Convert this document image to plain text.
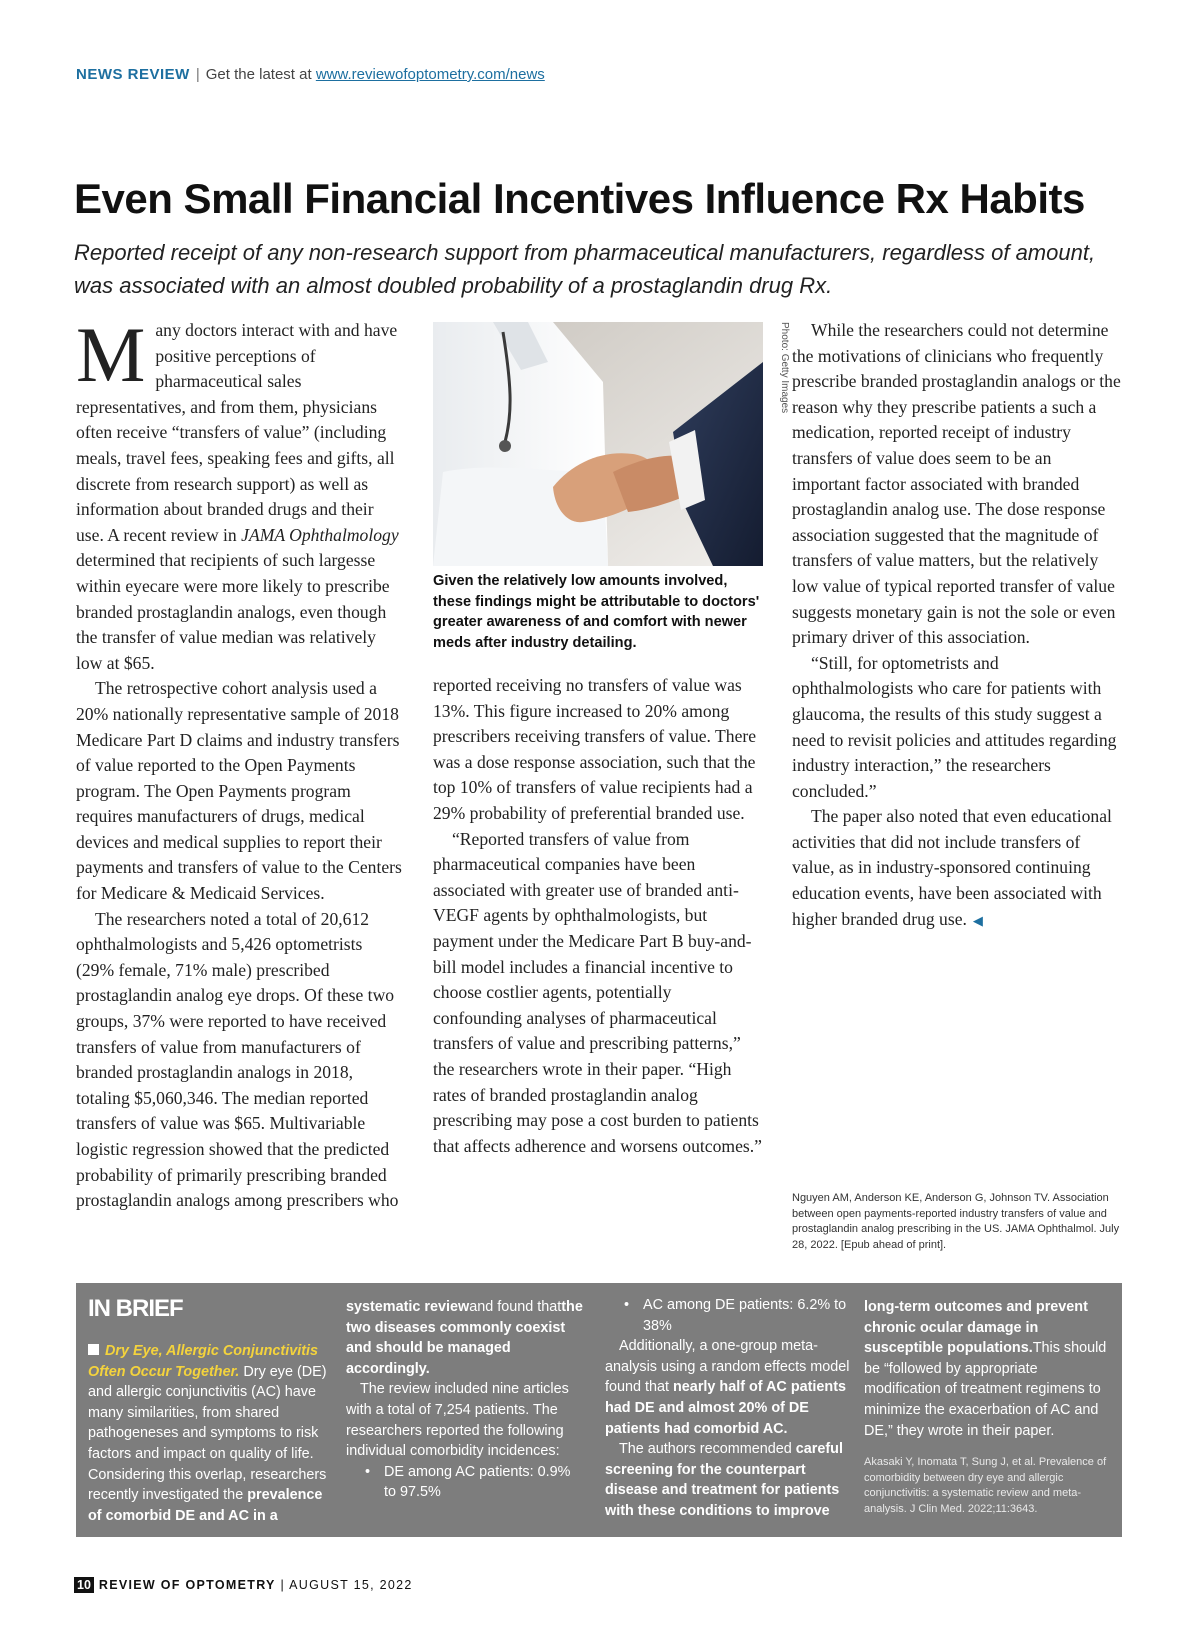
NEWS REVIEW | Get the latest at www.reviewofoptometry.com/news
Even Small Financial Incentives Influence Rx Habits

Reported receipt of any non-research support from pharmaceutical manufacturers, regardless of amount, was associated with an almost doubled probability of a prostaglandin drug Rx.

Photo: Getty Images

Given the relatively low amounts involved, these findings might be attributable to doctors' greater awareness of and comfort with newer meds after industry detailing.

Many doctors interact with and have positive perceptions of pharmaceutical sales representatives, and from them, physicians often receive “transfers of value” (including meals, travel fees, speaking fees and gifts, all discrete from research support) as well as information about branded drugs and their use. A recent review in JAMA Ophthalmology determined that recipients of such largesse within eyecare were more likely to prescribe branded prostaglandin analogs, even though the transfer of value median was relatively low at $65.

The retrospective cohort analysis used a 20% nationally representative sample of 2018 Medicare Part D claims and industry transfers of value reported to the Open Payments program. The Open Payments program requires manufacturers of drugs, medical devices and medical supplies to report their payments and transfers of value to the Centers for Medicare & Medicaid Services.

The researchers noted a total of 20,612 ophthalmologists and 5,426 optometrists (29% female, 71% male) prescribed prostaglandin analog eye drops. Of these two groups, 37% were reported to have received transfers of value from manufacturers of branded prostaglandin analogs in 2018, totaling $5,060,346. The median reported transfers of value was $65. Multivariable logistic regression showed that the predicted probability of primarily prescribing branded prostaglandin analogs among prescribers who

reported receiving no transfers of value was 13%. This figure increased to 20% among prescribers receiving transfers of value. There was a dose response association, such that the top 10% of transfers of value recipients had a 29% probability of preferential branded use.

“Reported transfers of value from pharmaceutical companies have been associated with greater use of branded anti-VEGF agents by ophthalmologists, but payment under the Medicare Part B buy-and-bill model includes a financial incentive to choose costlier agents, potentially confounding analyses of pharmaceutical transfers of value and prescribing patterns,” the researchers wrote in their paper. “High rates of branded prostaglandin analog prescribing may pose a cost burden to patients that affects adherence and worsens outcomes.”

While the researchers could not determine the motivations of clinicians who frequently prescribe branded prostaglandin analogs or the reason why they prescribe patients a such a medication, reported receipt of industry transfers of value does seem to be an important factor associated with branded prostaglandin analog use. The dose response association suggested that the magnitude of transfers of value matters, but the relatively low value of typical reported transfer of value suggests monetary gain is not the sole or even primary driver of this association.

“Still, for optometrists and ophthalmologists who care for patients with glaucoma, the results of this study suggest a need to revisit policies and attitudes regarding industry interaction,” the researchers concluded.”

The paper also noted that even educational activities that did not include transfers of value, as in industry-sponsored continuing education events, have been associated with higher branded drug use. ◀

Nguyen AM, Anderson KE, Anderson G, Johnson TV. Association between open payments-reported industry transfers of value and prostaglandin analog prescribing in the US. JAMA Ophthalmol. July 28, 2022. [Epub ahead of print].

IN BRIEF

Dry Eye, Allergic Conjunctivitis Often Occur Together. Dry eye (DE) and allergic conjunctivitis (AC) have many similarities, from shared pathogeneses and symptoms to risk factors and impact on quality of life. Considering this overlap, researchers recently investigated the prevalence of comorbid DE and AC in a

systematic reviewand found thatthe two diseases commonly coexist and should be managed accordingly.

The review included nine articles with a total of 7,254 patients. The researchers reported the following individual comorbidity incidences:

• DE among AC patients: 0.9% to 97.5%
• AC among DE patients: 6.2% to 38%

Additionally, a one-group meta-analysis using a random effects model found that nearly half of AC patients had DE and almost 20% of DE patients had comorbid AC.

The authors recommended careful screening for the counterpart disease and treatment for patients with these conditions to improve

long-term outcomes and prevent chronic ocular damage in susceptible populations.This should be “followed by appropriate modification of treatment regimens to minimize the exacerbation of AC and DE,” they wrote in their paper.

Akasaki Y, Inomata T, Sung J, et al. Prevalence of comorbidity between dry eye and allergic conjunctivitis: a systematic review and meta-analysis. J Clin Med. 2022;11:3643.

10 REVIEW OF OPTOMETRY | AUGUST 15, 2022
